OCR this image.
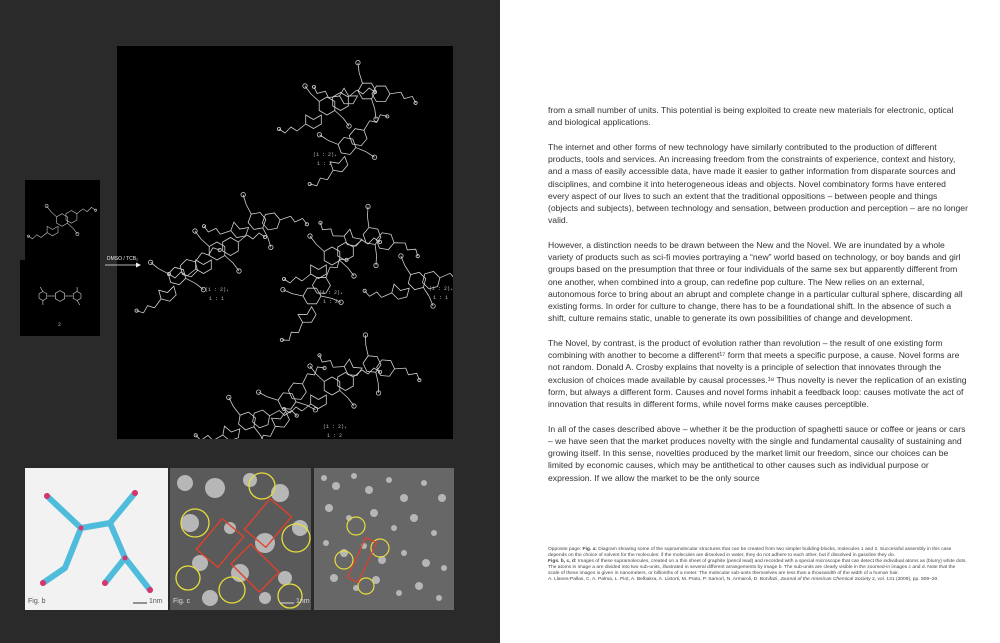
(1 : 2)₄
1 : 2
(1 : 2)₄
1 : 1
(1 : 2)₄
1 : 2
(1 : 2)₄
1 : 1
(1 : 2)₄
1 : 2
2
DMSO / TCB₂
Fig. b	1nm Fig. c	1nm

from a small number of units. This potential is being exploited to create new materials for electronic, optical and biological applications.

The internet and other forms of new technology have similarly contributed to the production of different products, tools and services. An increasing freedom from the constraints of experience, context and history, and a mass of easily accessible data, have made it easier to gather information from disparate sources and disciplines, and combine it into heterogeneous ideas and objects. Novel combinatory forms have entered every aspect of our lives to such an extent that the traditional oppositions – between people and things (objects and subjects), between technology and sensation, between production and perception – are no longer valid.

However, a distinction needs to be drawn between the New and the Novel. We are inundated by a whole variety of products such as sci-fi movies portraying a “new” world based on technology, or boy bands and girl groups based on the presumption that three or four individuals of the same sex but apparently different from one another, when combined into a group, can redefine pop culture. The New relies on an external, autonomous force to bring about an abrupt and complete change in a particular cultural sphere, discarding all existing forms. In order for culture to change, there has to be a foundational shift. In the absence of such a shift, culture remains static, unable to generate its own possibilities of change and development.

The Novel, by contrast, is the product of evolution rather than revolution – the result of one existing form combining with another to become a different¹⁷ form that meets a specific purpose, a cause. Novel forms are not random. Donald A. Crosby explains that novelty is a principle of selection that innovates through the exclusion of choices made available by causal processes.¹⁸ Thus novelty is never the replication of an existing form, but always a different form. Causes and novel forms inhabit a feedback loop: causes motivate the act of innovation that results in different forms, while novel forms make causes perceptible.

In all of the cases described above – whether it be the production of spaghetti sauce or coffee or jeans or cars – we have seen that the market produces novelty with the single and fundamental causality of sustaining and growing itself. In this sense, novelties produced by the market limit our freedom, since our choices can be limited by economic causes, which may be antithetical to other causes such as individual purpose or expression. If we allow the market to be the only source

Opposite page: Fig. a: Diagram showing some of the supramolecular structures that can be created from two simpler building-blocks, molecules 1 and 2. Successful assembly in this case depends on the choice of solvent for the molecules: if the molecules are dissolved in water, they do not adhere to each other, but if dissolved in gasoline they do.
Figs. b, c, d: Images of these supramolecules, created on a thin sheet of graphite (pencil lead) and recorded with a special microscope that can detect the individual atoms as (blurry) white dots. The atoms in image a are divided into two sub-units, illustrated in several different arrangements by image b. The sub-units are clearly visible in the zoomed-in images c and d. Note that the scale of these images is given in nanometers, or billionths of a meter. The molecular sub-units themselves are less than a thousandth of the width of a human hair.
A. Llanes-Pallas, C. A. Palma, L. Piot, A. Belbakra, A. Listorti, M. Prato, P. Samorì, N. Armaroli, D. Bonifazi, Journal of the American Chemical Society 2, vol. 131 (2009), pp. 509–20.
